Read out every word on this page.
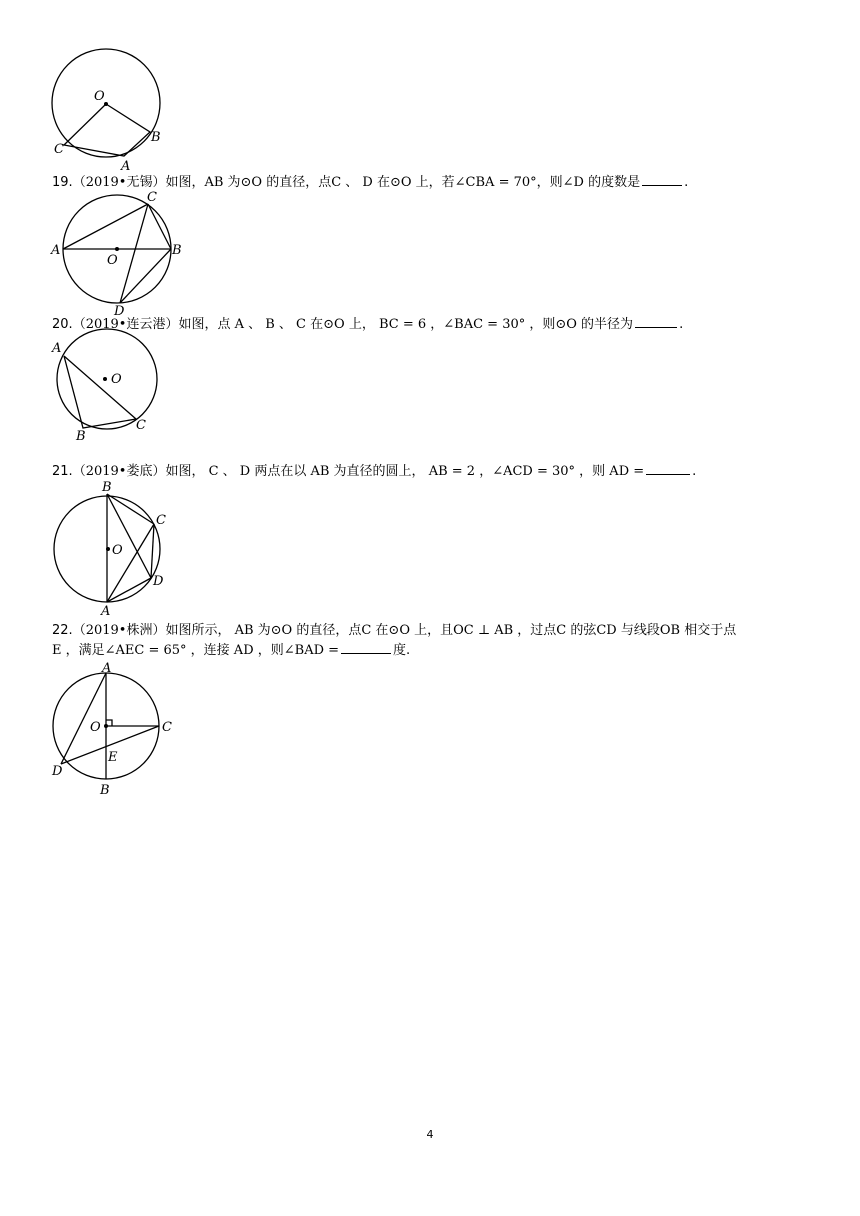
O
B
C
A
19.（2019•无锡）如图，AB 为⊙O 的直径，点C 、 D 在⊙O 上，若∠CBA = 70°，则∠D 的度数是	.
A
O
B
C
D
20.（2019•连云港）如图，点 A 、 B 、 C 在⊙O 上， BC = 6 ，∠BAC = 30° ，则⊙O 的半径为	.
A
O
B
C
21.（2019•娄底）如图， C 、 D 两点在以 AB 为直径的圆上， AB = 2 ，∠ACD = 30° ，则 AD =	.
B
O
C
D
A
22.（2019•株洲）如图所示， AB 为⊙O 的直径，点C 在⊙O 上，且OC ⊥ AB ，过点C 的弦CD 与线段OB 相交于点
E ，满足∠AEC = 65° ，连接 AD ，则∠BAD =	度.
A
O	C
E
D
B
4
